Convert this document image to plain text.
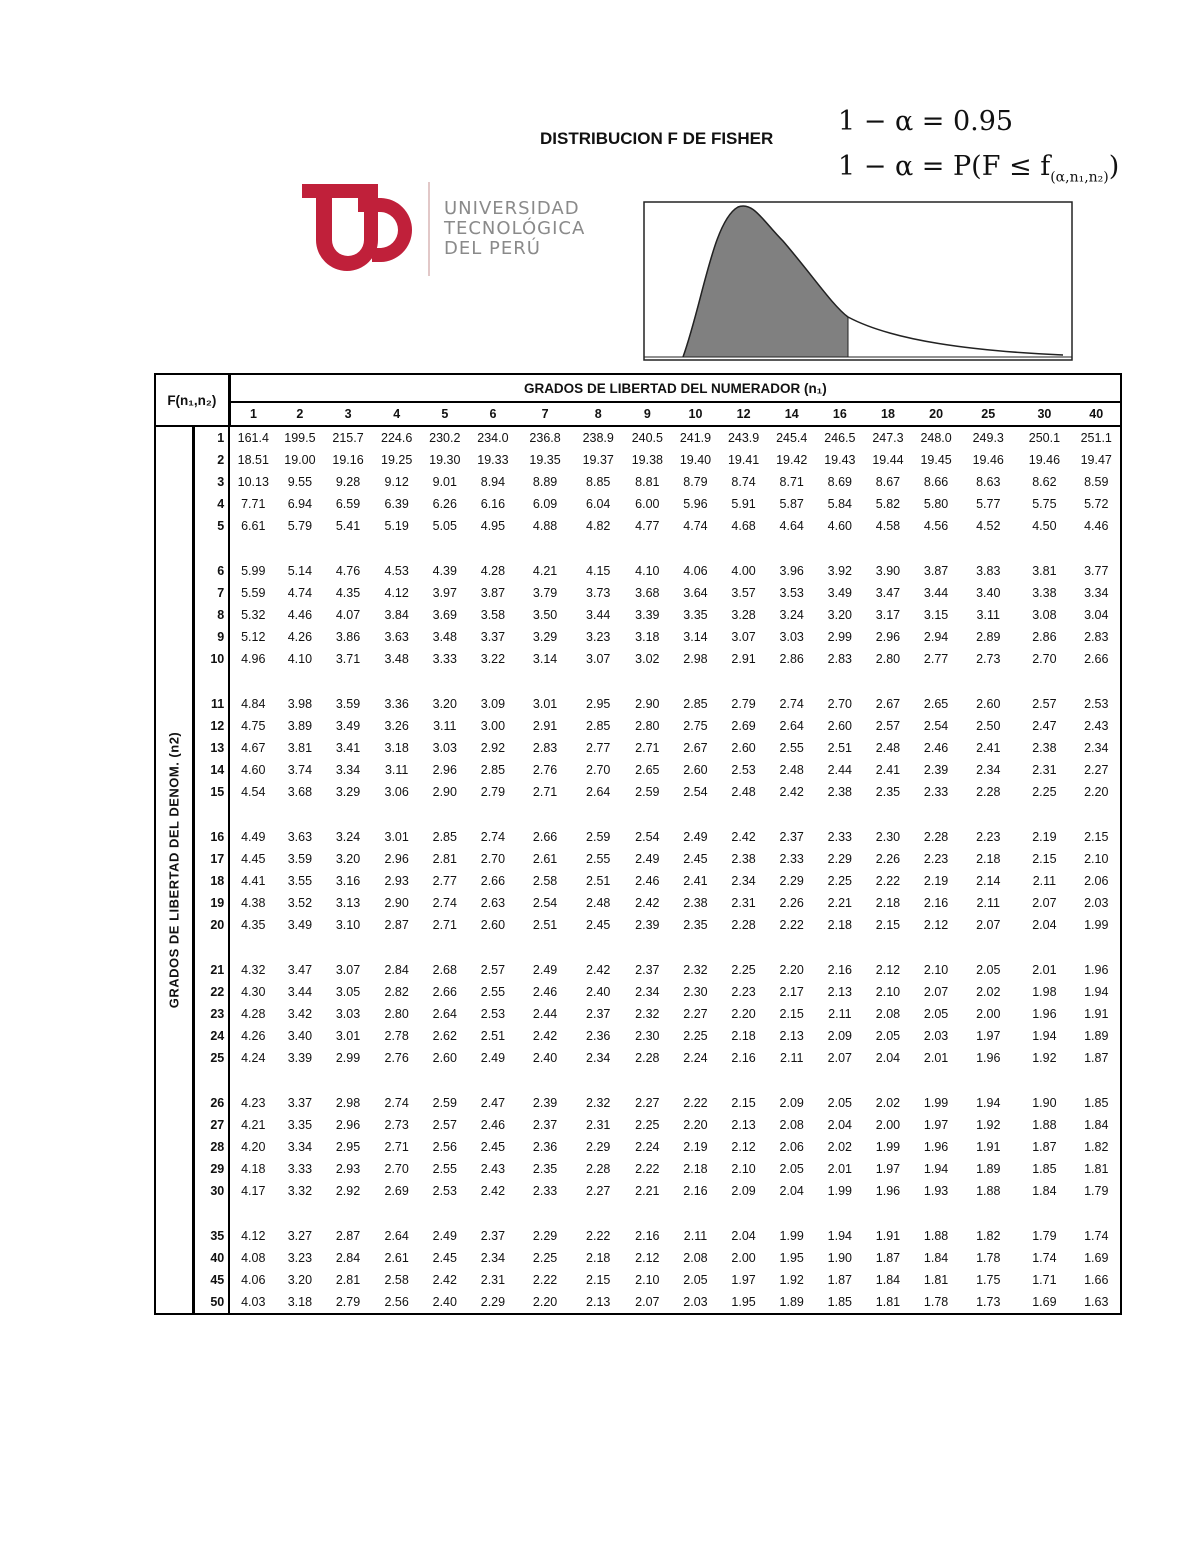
DISTRIBUCION F DE FISHER
1 − α = 0.95
$1 - \alpha = P(F \le f_{(\alpha,n_1,n_2)})$
UNIVERSIDAD
TECNOLÓGICA
DEL PERÚ
F(n₁,n₂)		GRADOS DE LIBERTAD DEL NUMERADOR (n₁)																	
		1	2	3	4	5	6	7	8	9	10	12	14	16	18	20	25	30	40

GRADOS DE LIBERTAD DEL DENOM. (n2)	1	161.4	199.5	215.7	224.6	230.2	234.0	236.8	238.9	240.5	241.9	243.9	245.4	246.5	247.3	248.0	249.3	250.1	251.1
	2	18.51	19.00	19.16	19.25	19.30	19.33	19.35	19.37	19.38	19.40	19.41	19.42	19.43	19.44	19.45	19.46	19.46	19.47
	3	10.13	9.55	9.28	9.12	9.01	8.94	8.89	8.85	8.81	8.79	8.74	8.71	8.69	8.67	8.66	8.63	8.62	8.59
	4	7.71	6.94	6.59	6.39	6.26	6.16	6.09	6.04	6.00	5.96	5.91	5.87	5.84	5.82	5.80	5.77	5.75	5.72
	5	6.61	5.79	5.41	5.19	5.05	4.95	4.88	4.82	4.77	4.74	4.68	4.64	4.60	4.58	4.56	4.52	4.50	4.46

	6	5.99	5.14	4.76	4.53	4.39	4.28	4.21	4.15	4.10	4.06	4.00	3.96	3.92	3.90	3.87	3.83	3.81	3.77
	7	5.59	4.74	4.35	4.12	3.97	3.87	3.79	3.73	3.68	3.64	3.57	3.53	3.49	3.47	3.44	3.40	3.38	3.34
	8	5.32	4.46	4.07	3.84	3.69	3.58	3.50	3.44	3.39	3.35	3.28	3.24	3.20	3.17	3.15	3.11	3.08	3.04
	9	5.12	4.26	3.86	3.63	3.48	3.37	3.29	3.23	3.18	3.14	3.07	3.03	2.99	2.96	2.94	2.89	2.86	2.83
	10	4.96	4.10	3.71	3.48	3.33	3.22	3.14	3.07	3.02	2.98	2.91	2.86	2.83	2.80	2.77	2.73	2.70	2.66

	11	4.84	3.98	3.59	3.36	3.20	3.09	3.01	2.95	2.90	2.85	2.79	2.74	2.70	2.67	2.65	2.60	2.57	2.53
	12	4.75	3.89	3.49	3.26	3.11	3.00	2.91	2.85	2.80	2.75	2.69	2.64	2.60	2.57	2.54	2.50	2.47	2.43
	13	4.67	3.81	3.41	3.18	3.03	2.92	2.83	2.77	2.71	2.67	2.60	2.55	2.51	2.48	2.46	2.41	2.38	2.34
	14	4.60	3.74	3.34	3.11	2.96	2.85	2.76	2.70	2.65	2.60	2.53	2.48	2.44	2.41	2.39	2.34	2.31	2.27
	15	4.54	3.68	3.29	3.06	2.90	2.79	2.71	2.64	2.59	2.54	2.48	2.42	2.38	2.35	2.33	2.28	2.25	2.20

	16	4.49	3.63	3.24	3.01	2.85	2.74	2.66	2.59	2.54	2.49	2.42	2.37	2.33	2.30	2.28	2.23	2.19	2.15
	17	4.45	3.59	3.20	2.96	2.81	2.70	2.61	2.55	2.49	2.45	2.38	2.33	2.29	2.26	2.23	2.18	2.15	2.10
	18	4.41	3.55	3.16	2.93	2.77	2.66	2.58	2.51	2.46	2.41	2.34	2.29	2.25	2.22	2.19	2.14	2.11	2.06
	19	4.38	3.52	3.13	2.90	2.74	2.63	2.54	2.48	2.42	2.38	2.31	2.26	2.21	2.18	2.16	2.11	2.07	2.03
	20	4.35	3.49	3.10	2.87	2.71	2.60	2.51	2.45	2.39	2.35	2.28	2.22	2.18	2.15	2.12	2.07	2.04	1.99

	21	4.32	3.47	3.07	2.84	2.68	2.57	2.49	2.42	2.37	2.32	2.25	2.20	2.16	2.12	2.10	2.05	2.01	1.96
	22	4.30	3.44	3.05	2.82	2.66	2.55	2.46	2.40	2.34	2.30	2.23	2.17	2.13	2.10	2.07	2.02	1.98	1.94
	23	4.28	3.42	3.03	2.80	2.64	2.53	2.44	2.37	2.32	2.27	2.20	2.15	2.11	2.08	2.05	2.00	1.96	1.91
	24	4.26	3.40	3.01	2.78	2.62	2.51	2.42	2.36	2.30	2.25	2.18	2.13	2.09	2.05	2.03	1.97	1.94	1.89
	25	4.24	3.39	2.99	2.76	2.60	2.49	2.40	2.34	2.28	2.24	2.16	2.11	2.07	2.04	2.01	1.96	1.92	1.87

	26	4.23	3.37	2.98	2.74	2.59	2.47	2.39	2.32	2.27	2.22	2.15	2.09	2.05	2.02	1.99	1.94	1.90	1.85
	27	4.21	3.35	2.96	2.73	2.57	2.46	2.37	2.31	2.25	2.20	2.13	2.08	2.04	2.00	1.97	1.92	1.88	1.84
	28	4.20	3.34	2.95	2.71	2.56	2.45	2.36	2.29	2.24	2.19	2.12	2.06	2.02	1.99	1.96	1.91	1.87	1.82
	29	4.18	3.33	2.93	2.70	2.55	2.43	2.35	2.28	2.22	2.18	2.10	2.05	2.01	1.97	1.94	1.89	1.85	1.81
	30	4.17	3.32	2.92	2.69	2.53	2.42	2.33	2.27	2.21	2.16	2.09	2.04	1.99	1.96	1.93	1.88	1.84	1.79

	35	4.12	3.27	2.87	2.64	2.49	2.37	2.29	2.22	2.16	2.11	2.04	1.99	1.94	1.91	1.88	1.82	1.79	1.74
	40	4.08	3.23	2.84	2.61	2.45	2.34	2.25	2.18	2.12	2.08	2.00	1.95	1.90	1.87	1.84	1.78	1.74	1.69
	45	4.06	3.20	2.81	2.58	2.42	2.31	2.22	2.15	2.10	2.05	1.97	1.92	1.87	1.84	1.81	1.75	1.71	1.66
	50	4.03	3.18	2.79	2.56	2.40	2.29	2.20	2.13	2.07	2.03	1.95	1.89	1.85	1.81	1.78	1.73	1.69	1.63
